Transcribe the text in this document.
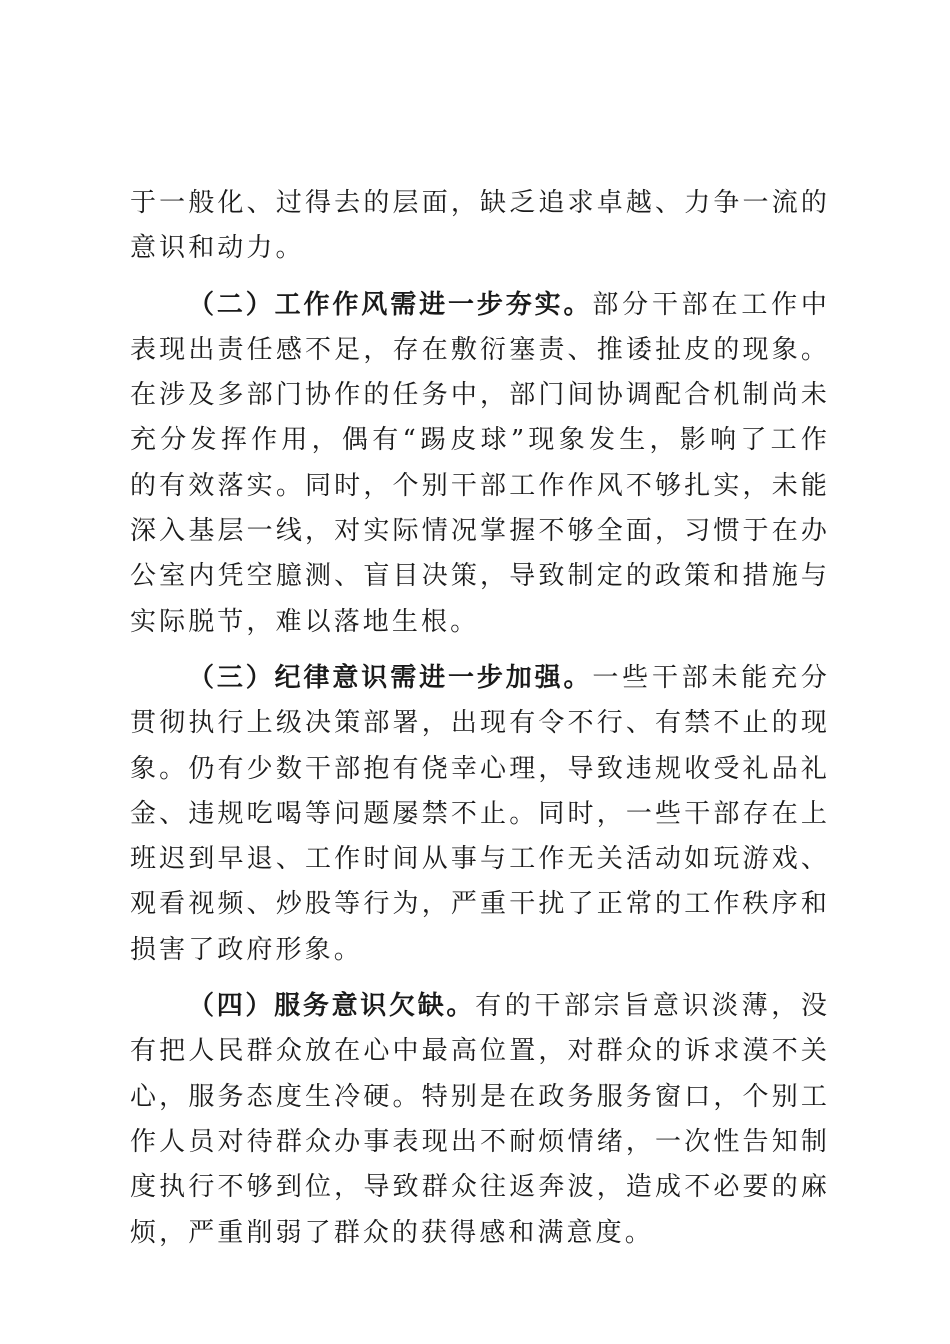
于一般化、过得去的层面，缺乏追求卓越、力争一流的意识和动力。

（二）工作作风需进一步夯实。部分干部在工作中表现出责任感不足，存在敷衍塞责、推诿扯皮的现象。在涉及多部门协作的任务中，部门间协调配合机制尚未充分发挥作用，偶有“踢皮球”现象发生，影响了工作的有效落实。同时，个别干部工作作风不够扎实，未能深入基层一线，对实际情况掌握不够全面，习惯于在办公室内凭空臆测、盲目决策，导致制定的政策和措施与实际脱节，难以落地生根。

（三）纪律意识需进一步加强。一些干部未能充分贯彻执行上级决策部署，出现有令不行、有禁不止的现象。仍有少数干部抱有侥幸心理，导致违规收受礼品礼金、违规吃喝等问题屡禁不止。同时，一些干部存在上班迟到早退、工作时间从事与工作无关活动如玩游戏、观看视频、炒股等行为，严重干扰了正常的工作秩序和损害了政府形象。

（四）服务意识欠缺。有的干部宗旨意识淡薄，没有把人民群众放在心中最高位置，对群众的诉求漠不关心，服务态度生冷硬。特别是在政务服务窗口，个别工作人员对待群众办事表现出不耐烦情绪，一次性告知制度执行不够到位，导致群众往返奔波，造成不必要的麻烦，严重削弱了群众的获得感和满意度。
